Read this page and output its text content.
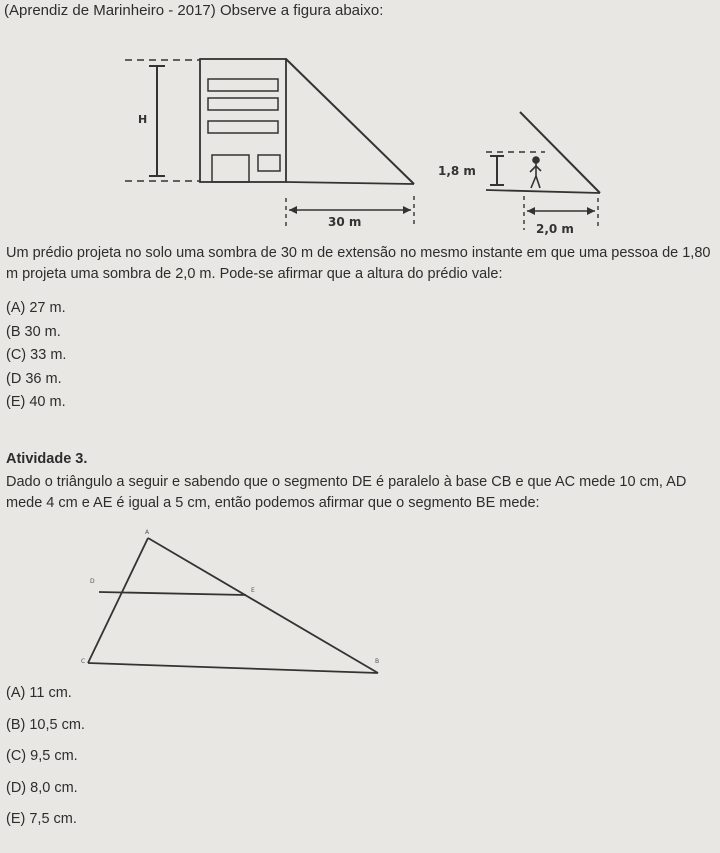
(Aprendiz de Marinheiro - 2017) Observe a figura abaixo:
H
30 m
1,8 m
2,0 m

Um prédio projeta no solo uma sombra de 30 m de extensão no mesmo instante em que uma pessoa de 1,80 m projeta uma sombra de 2,0 m. Pode-se afirmar que a altura do prédio vale:

(A) 27 m.
(B 30 m.
(C) 33 m.
(D 36 m.
(E) 40 m.

Atividade 3.

Dado o triângulo a seguir e sabendo que o segmento DE é paralelo à base CB e que AC mede 10 cm, AD mede 4 cm e AE é igual a 5 cm, então podemos afirmar que o segmento BE mede:

A
D
E
C	B
(A) 11 cm.
(B) 10,5 cm.
(C) 9,5 cm.
(D) 8,0 cm.
(E) 7,5 cm.
